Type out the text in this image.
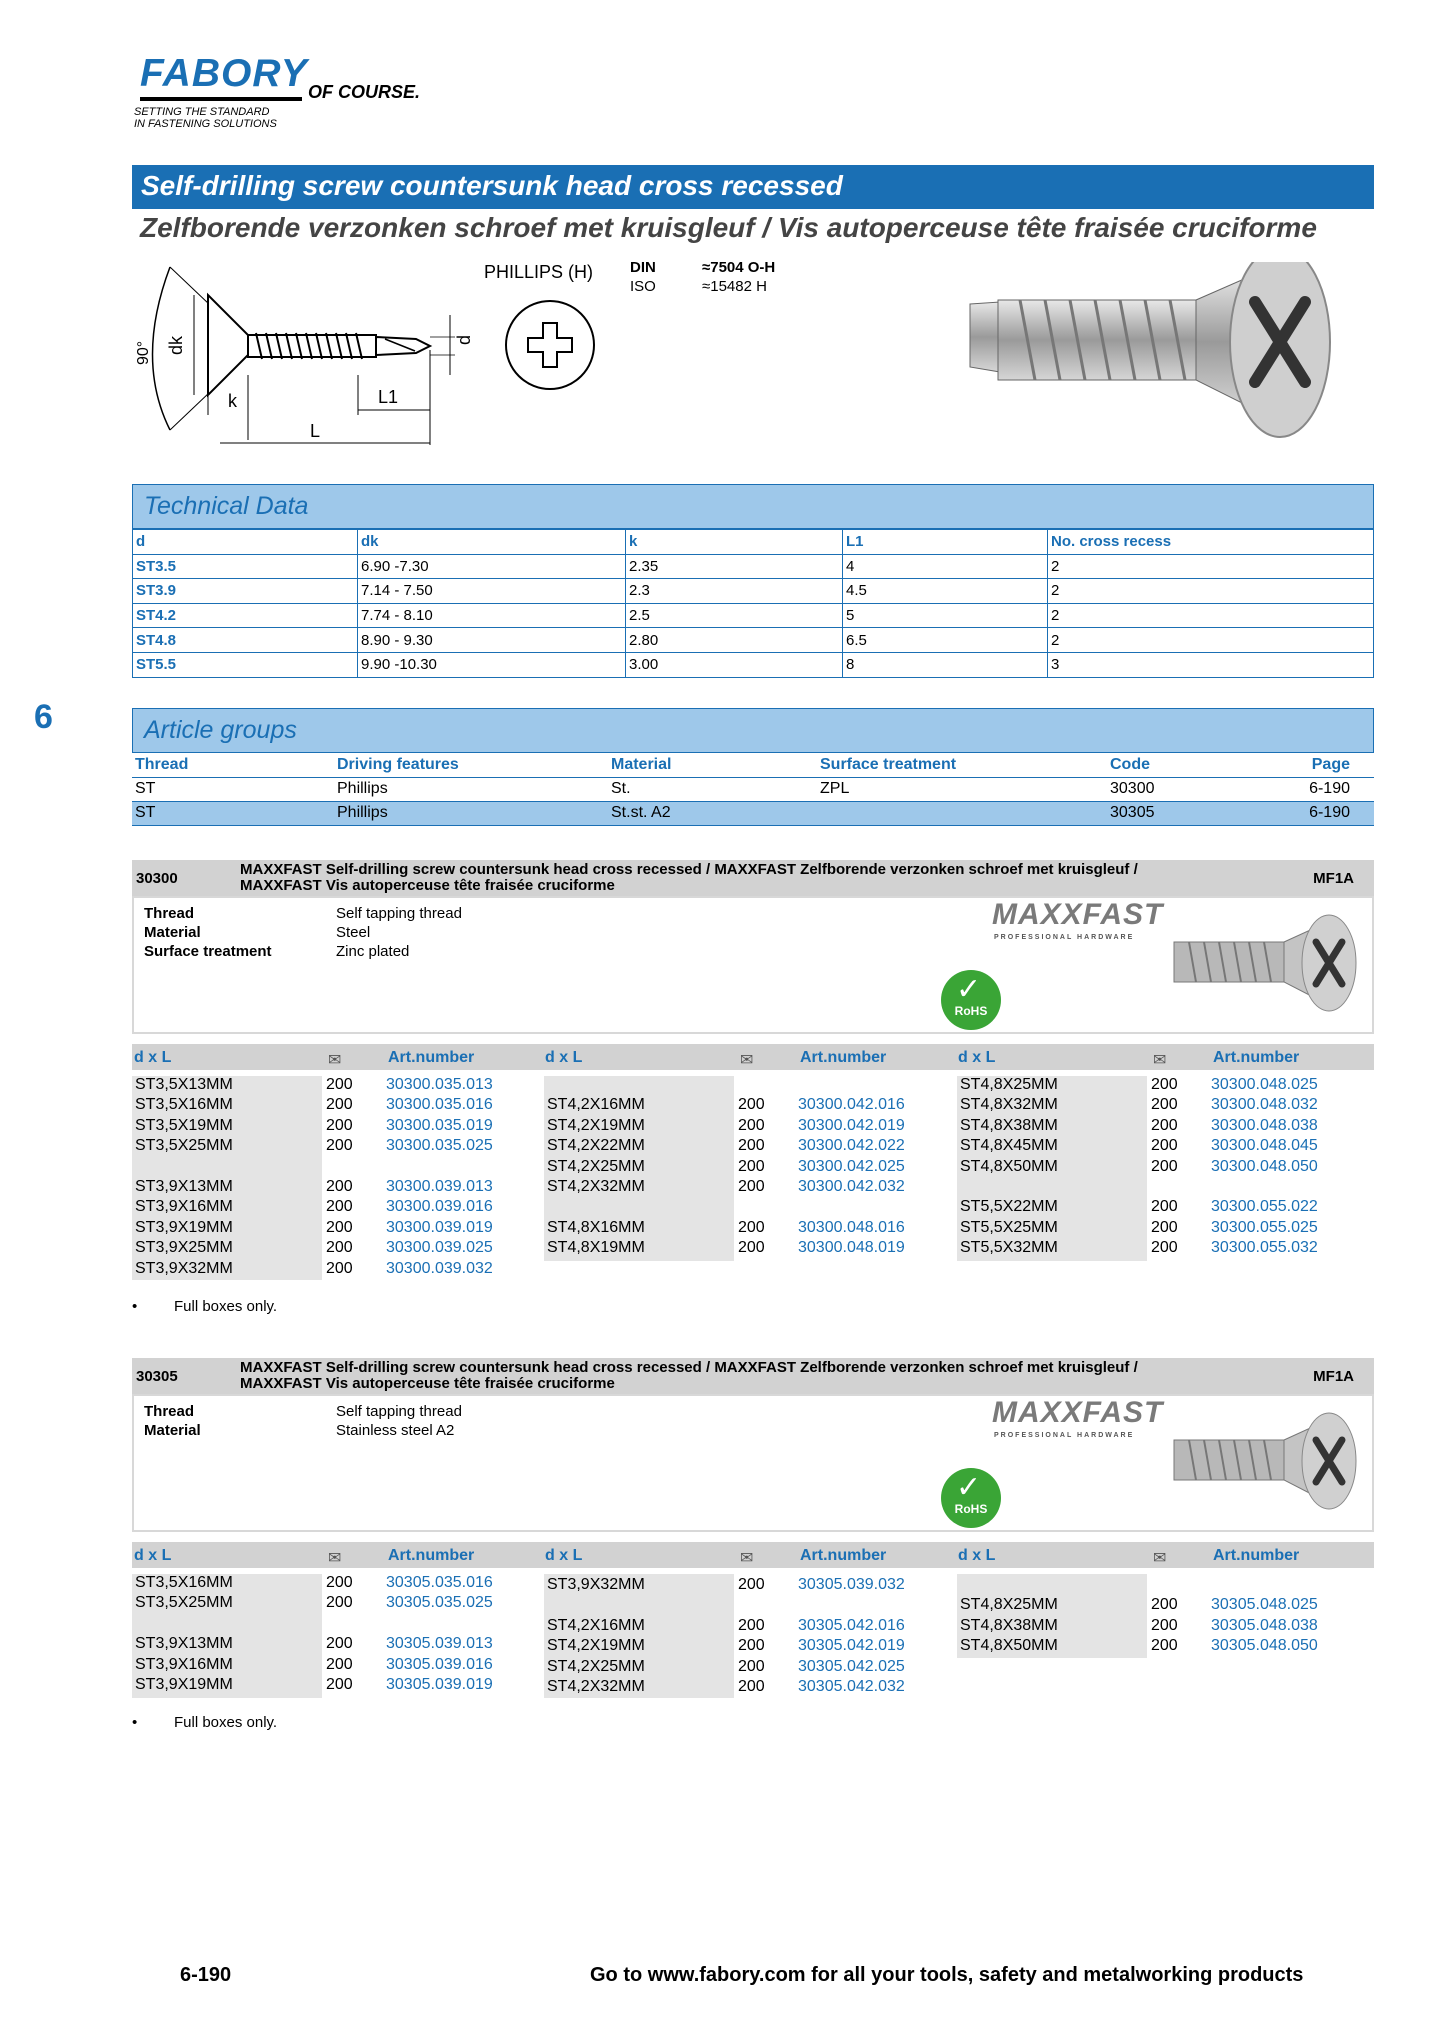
FABORY OF COURSE.
SETTING THE STANDARD
IN FASTENING SOLUTIONS
Self-drilling screw countersunk head cross recessed
Zelfborende verzonken schroef met kruisgleuf / Vis autoperceuse tête fraisée cruciforme
dk
90°
d
k	L1
L
PHILLIPS (H) DIN	≈7504 O-H
ISO	≈15482 H
6
Technical Data
d	dk	k	L1	No. cross recess
ST3.5	6.90 -7.30	2.35	4	2
ST3.9	7.14 - 7.50	2.3	4.5	2
ST4.2	7.74 - 8.10	2.5	5	2
ST4.8	8.90 - 9.30	2.80	6.5	2
ST5.5	9.90 -10.30	3.00	8	3
Article groups
Thread	Driving features	Material	Surface treatment	Code	Page
ST	Phillips	St.	ZPL	30300	6-190
ST	Phillips	St.st. A2		30305	6-190
30300
MAXXFAST Self-drilling screw countersunk head cross recessed / MAXXFAST Zelfborende verzonken schroef met kruisgleuf /
MAXXFAST Vis autoperceuse tête fraisée cruciforme	MF1A
Thread	Self tapping thread
Material	Steel
Surface treatment	Zinc plated
MAXXFAST
PROFESSIONAL HARDWARE
✓
RoHS
d x L	✉	Art.number	d x L	✉	Art.number	d x L	✉	Art.number
ST3,5X13MM	200	30300.035.013
ST3,5X16MM	200	30300.035.016
ST3,5X19MM	200	30300.035.019
ST3,5X25MM	200	30300.035.025
ST3,9X13MM	200	30300.039.013
ST3,9X16MM	200	30300.039.016
ST3,9X19MM	200	30300.039.019
ST3,9X25MM	200	30300.039.025
ST3,9X32MM	200	30300.039.032
ST4,2X16MM	200	30300.042.016
ST4,2X19MM	200	30300.042.019
ST4,2X22MM	200	30300.042.022
ST4,2X25MM	200	30300.042.025
ST4,2X32MM	200	30300.042.032
ST4,8X16MM	200	30300.048.016
ST4,8X19MM	200	30300.048.019
ST4,8X25MM	200	30300.048.025
ST4,8X32MM	200	30300.048.032
ST4,8X38MM	200	30300.048.038
ST4,8X45MM	200	30300.048.045
ST4,8X50MM	200	30300.048.050
ST5,5X22MM	200	30300.055.022
ST5,5X25MM	200	30300.055.025
ST5,5X32MM	200	30300.055.032
• Full boxes only.
30305
MAXXFAST Self-drilling screw countersunk head cross recessed / MAXXFAST Zelfborende verzonken schroef met kruisgleuf /
MAXXFAST Vis autoperceuse tête fraisée cruciforme	MF1A
Thread	Self tapping thread
Material	Stainless steel A2
MAXXFAST
PROFESSIONAL HARDWARE
✓
RoHS
d x L	✉	Art.number	d x L	✉	Art.number	d x L	✉	Art.number
ST3,5X16MM	200	30305.035.016
ST3,5X25MM	200	30305.035.025
ST3,9X13MM	200	30305.039.013
ST3,9X16MM	200	30305.039.016
ST3,9X19MM	200	30305.039.019
ST3,9X32MM	200	30305.039.032
ST4,2X16MM	200	30305.042.016
ST4,2X19MM	200	30305.042.019
ST4,2X25MM	200	30305.042.025
ST4,2X32MM	200	30305.042.032
ST4,8X25MM	200	30305.048.025
ST4,8X38MM	200	30305.048.038
ST4,8X50MM	200	30305.048.050
• Full boxes only.
6-190	Go to www.fabory.com for all your tools, safety and metalworking products
